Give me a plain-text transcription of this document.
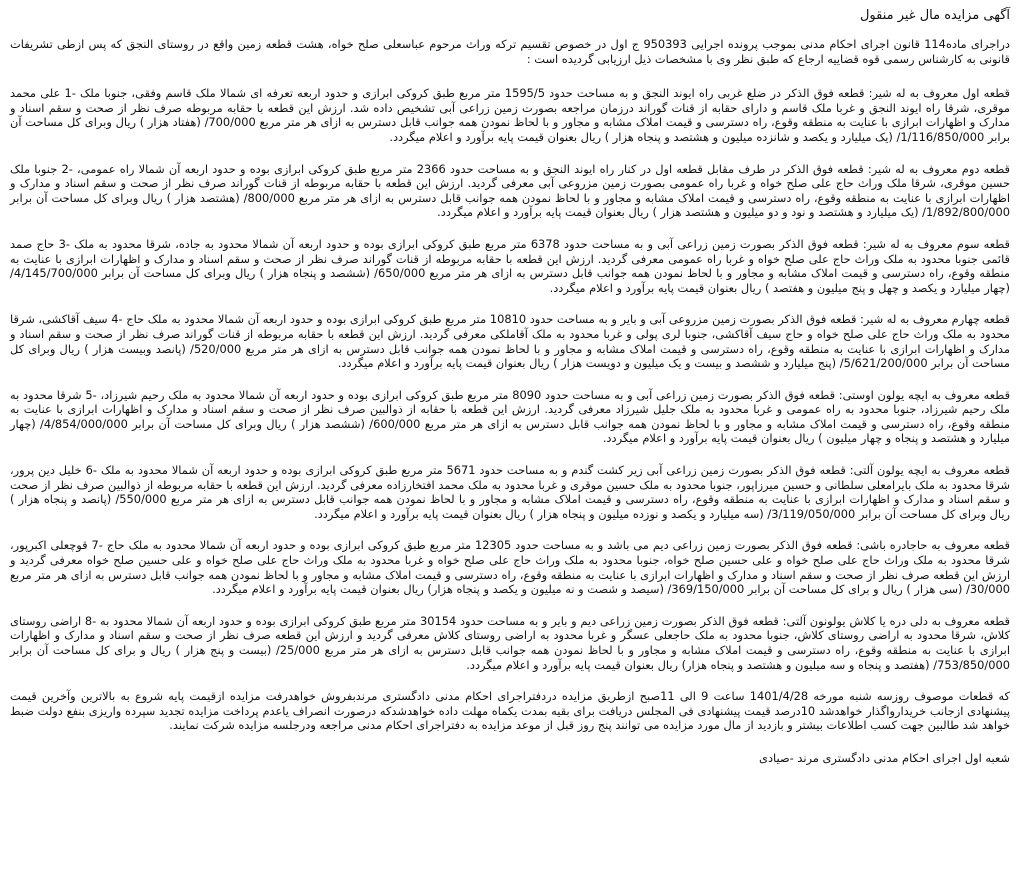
آگهی مزایده مال غیر منقول

دراجرای ماده114 قانون اجرای احکام مدنی بموجب پرونده اجرایی 950393 ج اول در خصوص تقسیم ترکه وراث مرحوم عباسعلی صلح خواه، هشت قطعه زمین واقع در روستای النجق که پس ازطی تشریفات قانونی به کارشناس رسمی قوه قضاییه ارجاع که طبق نظر وی با مشخصات ذیل ارزیابی گردیده است :

قطعه اول معروف به له شیر: قطعه فوق الذکر در ضلع غربی راه ایوند النجق و به مساحت حدود 1595/5 متر مربع طبق کروکی ابرازی و حدود اربعه تعرفه ای شمالا ملک قاسم وفقی، جنوبا ملک -1 علی محمد موقری، شرقا راه ایوند النجق و غربا ملک قاسم و دارای حقابه از قنات گوراند درزمان مراجعه بصورت زمین زراعی آبی تشخیص داده شد. ارزش این قطعه با حقابه مربوطه صرف نظر از صحت و سقم اسناد و مدارک و اظهارات ابرازی با عنایت به منطقه وقوع، راه دسترسی و قیمت املاک مشابه و مجاور و با لحاظ نمودن همه جوانب قابل دسترس به ازای هر متر مربع 700/000/ (هفتاد هزار ) ریال وبرای کل مساحت آن برابر 1/116/850/000/ (یک میلیارد و یکصد و شانزده میلیون و هشتصد و پنجاه هزار ) ریال بعنوان قیمت پایه برآورد و اعلام میگردد.

قطعه دوم معروف به له شیر: قطعه فوق الذکر در طرف مقابل قطعه اول در کنار راه ایوند النجق و به مساحت حدود 2366 متر مربع طبق کروکی ابرازی بوده و حدود اربعه آن شمالا راه عمومی، -2 جنوبا ملک حسین موقری، شرقا ملک وراث حاج علی صلح خواه و غربا راه عمومی بصورت زمین مزروعی آبی معرفی گردید. ارزش این قطعه با حقابه مربوطه از قنات گوراند صرف نظر از صحت و سقم اسناد و مدارک و اظهارات ابرازی با عنایت به منطقه وقوع، راه دسترسی و قیمت املاک مشابه و مجاور و با لحاظ نمودن همه جوانب قابل دسترس به ازای هر متر مربع 800/000/ (هشتصد هزار ) ریال وبرای کل مساحت آن برابر 1/892/800/000/ (یک میلیارد و هشتصد و نود و دو میلیون و هشتصد هزار ) ریال بعنوان قیمت پایه برآورد و اعلام میگردد.

قطعه سوم معروف به له شیر: قطعه فوق الذکر بصورت زمین زراعی آبی و به مساحت حدود 6378 متر مربع طبق کروکی ابرازی بوده و حدود اربعه آن شمالا محدود به جاده، شرقا محدود به ملک -3 حاج صمد قائمی جنوبا محدود به ملک وراث حاج علی صلح خواه و غربا راه عمومی معرفی گردید. ارزش این قطعه با حقابه مربوطه از قنات گوراند صرف نظر از صحت و سقم اسناد و مدارک و اظهارات ابرازی با عنایت به منطقه وقوع، راه دسترسی و قیمت املاک مشابه و مجاور و با لحاظ نمودن همه جوانب قابل دسترس به ازای هر متر مربع 650/000/ (ششصد و پنجاه هزار ) ریال وبرای کل مساحت آن برابر 4/145/700/000/ (چهار میلیارد و یکصد و چهل و پنج میلیون و هفتصد ) ریال بعنوان قیمت پایه برآورد و اعلام میگردد.

قطعه چهارم معروف به له شیر: قطعه فوق الذکر بصورت زمین مزروعی آبی و بایر و به مساحت حدود 10810 متر مربع طبق کروکی ابرازی بوده و حدود اربعه آن شمالا محدود به ملک حاج -4 سیف آقاکشی، شرقا محدود به ملک وراث حاج علی صلح خواه و حاج سیف آقاکشی، جنوبا لری پولی و غربا محدود به ملک آقاملکی معرفی گردید. ارزش این قطعه با حقابه مربوطه از قنات گوراند صرف نظر از صحت و سقم اسناد و مدارک و اظهارات ابرازی با عنایت به منطقه وقوع، راه دسترسی و قیمت املاک مشابه و مجاور و با لحاظ نمودن همه جوانب قابل دسترس به ازای هر متر مربع 520/000/ (پانصد وبیست هزار ) ریال وبرای کل مساحت آن برابر 5/621/200/000/ (پنج میلیارد و ششصد و بیست و یک میلیون و دویست هزار ) ریال بعنوان قیمت پایه برآورد و اعلام میگردد.

قطعه معروف به ایچه یولون اوستی: قطعه فوق الذکر بصورت زمین زراعی آبی و به مساحت حدود 8090 متر مربع طبق کروکی ابرازی بوده و حدود اربعه آن شمالا محدود به ملک رحیم شیرزاد، -5 شرقا محدود به ملک رحیم شیرزاد، جنوبا محدود به راه عمومی و غربا محدود به ملک جلیل شیرزاد معرفی گردید. ارزش این قطعه با حقابه از ذوالبین صرف نظر از صحت و سقم اسناد و مدارک و اظهارات ابرازی با عنایت به منطقه وقوع، راه دسترسی و قیمت املاک مشابه و مجاور و با لحاظ نمودن همه جوانب قابل دسترس به ازای هر متر مربع 600/000/ (ششصد هزار ) ریال وبرای کل مساحت آن برابر 4/854/000/000/ (چهار میلیارد و هشتصد و پنجاه و چهار میلیون ) ریال بعنوان قیمت پایه برآورد و اعلام میگردد.

قطعه معروف به ایچه یولون آلتی: قطعه فوق الذکر بصورت زمین زراعی آبی زیر کشت گندم و به مساحت حدود 5671 متر مربع طبق کروکی ابرازی بوده و حدود اربعه آن شمالا محدود به ملک -6 خلیل دین پرور، شرقا محدود به ملک بایرامعلی سلطانی و حسین میرزاپور، جنوبا محدود به ملک حسین موقری و غربا محدود به ملک محمد افتخارزاده معرفی گردید. ارزش این قطعه با حقابه مربوطه از ذوالبین صرف نظر از صحت و سقم اسناد و مدارک و اظهارات ابرازی با عنایت به منطقه وقوع، راه دسترسی و قیمت املاک مشابه و مجاور و با لحاظ نمودن همه جوانب قابل دسترس به ازای هر متر مربع 550/000/ (پانصد و پنجاه هزار ) ریال وبرای کل مساحت آن برابر 3/119/050/000/ (سه میلیارد و یکصد و نوزده میلیون و پنجاه هزار ) ریال بعنوان قیمت پایه برآورد و اعلام میگردد.

قطعه معروف به حاجادره باشی: قطعه فوق الذکر بصورت زمین زراعی دیم می باشد و به مساحت حدود 12305 متر مربع طبق کروکی ابرازی بوده و حدود اربعه آن شمالا محدود به ملک حاج -7 قوچعلی اکبرپور، شرقا محدود به ملک وراث حاج علی صلح خواه و علی حسین صلح خواه، جنوبا محدود به ملک وراث حاج علی صلح خواه و غربا محدود به ملک وراث حاج علی صلح خواه و علی حسین صلح خواه معرفی گردید و ارزش این قطعه صرف نظر از صحت و سقم اسناد و مدارک و اظهارات ابرازی با عنایت به منطقه وقوع، راه دسترسی و قیمت املاک مشابه و مجاور و با لحاظ نمودن همه جوانب قابل دسترس به ازای هر متر مربع 30/000/ (سی هزار ) ریال و برای کل مساحت آن برابر 369/150/000/ (سیصد و شصت و نه میلیون و یکصد و پنجاه هزار) ریال بعنوان قیمت پایه برآورد و اعلام میگردد.

قطعه معروف به دلی دره یا کلاش یولونون آلتی: قطعه فوق الذکر بصورت زمین زراعی دیم و بایر و به مساحت حدود 30154 متر مربع طبق کروکی ابرازی بوده و حدود اربعه آن شمالا محدود به -8 اراضی روستای کلاش، شرقا محدود به اراضی روستای کلاش، جنوبا محدود به ملک حاجعلی عسگر و غربا محدود به اراضی روستای کلاش معرفی گردید و ارزش این قطعه صرف نظر از صحت و سقم اسناد و مدارک و اظهارات ابرازی با عنایت به منطقه وقوع، راه دسترسی و قیمت املاک مشابه و مجاور و با لحاظ نمودن همه جوانب قابل دسترس به ازای هر متر مربع 25/000/ (بیست و پنج هزار ) ریال و برای کل مساحت آن برابر 753/850/000/ (هفتصد و پنجاه و سه میلیون و هشتصد و پنجاه هزار) ریال بعنوان قیمت پایه برآورد و اعلام میگردد.

که قطعات موصوف روزسه شنبه مورخه 1401/4/28 ساعت 9 الی 11صبح ازطریق مزایده دردفتراجرای احکام مدنی دادگستری مرندبفروش خواهدرفت مزایده ازقیمت پایه شروع به بالاترین وآخرین قیمت پیشنهادی ازجانب خریدارواگذار خواهدشد 10درصد قیمت پیشنهادی فی المجلس دریافت برای بقیه بمدت یکماه مهلت داده خواهدشدکه درصورت انصراف یاعدم پرداخت مزایده تجدید سپرده واریزی بنفع دولت ضبط خواهد شد طالبین جهت کسب اطلاعات بیشتر و بازدید از مال مورد مزایده می توانند پنج روز قبل از موعد مزایده به دفتراجرای احکام مدنی مراجعه ودرجلسه مزایده شرکت نمایند.

شعبه اول اجرای احکام مدنی دادگستری مرند -صیادی
